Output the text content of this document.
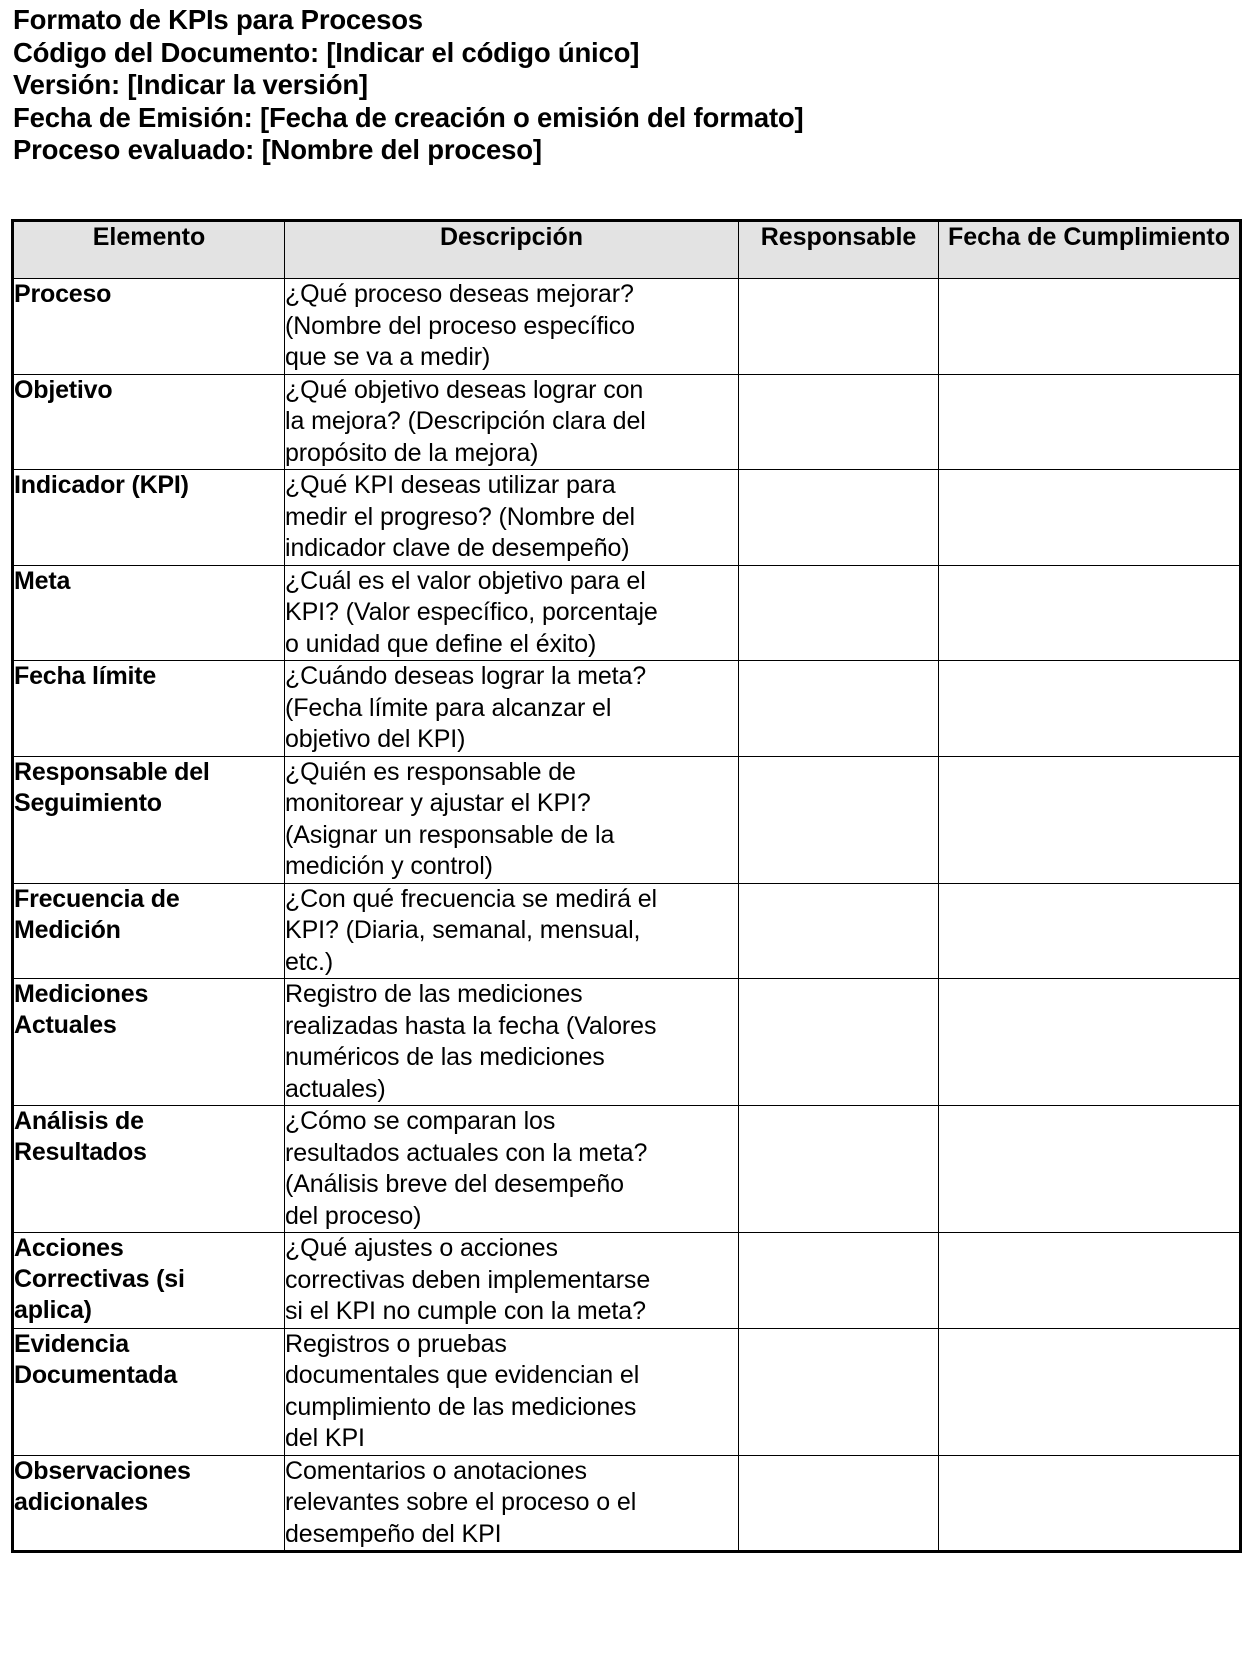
Formato de KPIs para Procesos
Código del Documento: [Indicar el código único]
Versión: [Indicar la versión]
Fecha de Emisión: [Fecha de creación o emisión del formato]
Proceso evaluado: [Nombre del proceso]
Elemento	Descripción	Responsable	Fecha de Cumplimiento

Proceso	¿Qué proceso deseas mejorar?
(Nombre del proceso específico
que se va a medir)		

Objetivo	¿Qué objetivo deseas lograr con
la mejora? (Descripción clara del
propósito de la mejora)		

Indicador (KPI)	¿Qué KPI deseas utilizar para
medir el progreso? (Nombre del
indicador clave de desempeño)		

Meta	¿Cuál es el valor objetivo para el
KPI? (Valor específico, porcentaje
o unidad que define el éxito)		

Fecha límite	¿Cuándo deseas lograr la meta?
(Fecha límite para alcanzar el
objetivo del KPI)		

Responsable del
Seguimiento	¿Quién es responsable de
monitorear y ajustar el KPI?
(Asignar un responsable de la
medición y control)		

Frecuencia de
Medición	¿Con qué frecuencia se medirá el
KPI? (Diaria, semanal, mensual,
etc.)		

Mediciones
Actuales	Registro de las mediciones
realizadas hasta la fecha (Valores
numéricos de las mediciones
actuales)		

Análisis de
Resultados	¿Cómo se comparan los
resultados actuales con la meta?
(Análisis breve del desempeño
del proceso)		

Acciones
Correctivas (si
aplica)	¿Qué ajustes o acciones
correctivas deben implementarse
si el KPI no cumple con la meta?		

Evidencia
Documentada	Registros o pruebas
documentales que evidencian el
cumplimiento de las mediciones
del KPI		

Observaciones
adicionales	Comentarios o anotaciones
relevantes sobre el proceso o el
desempeño del KPI		
